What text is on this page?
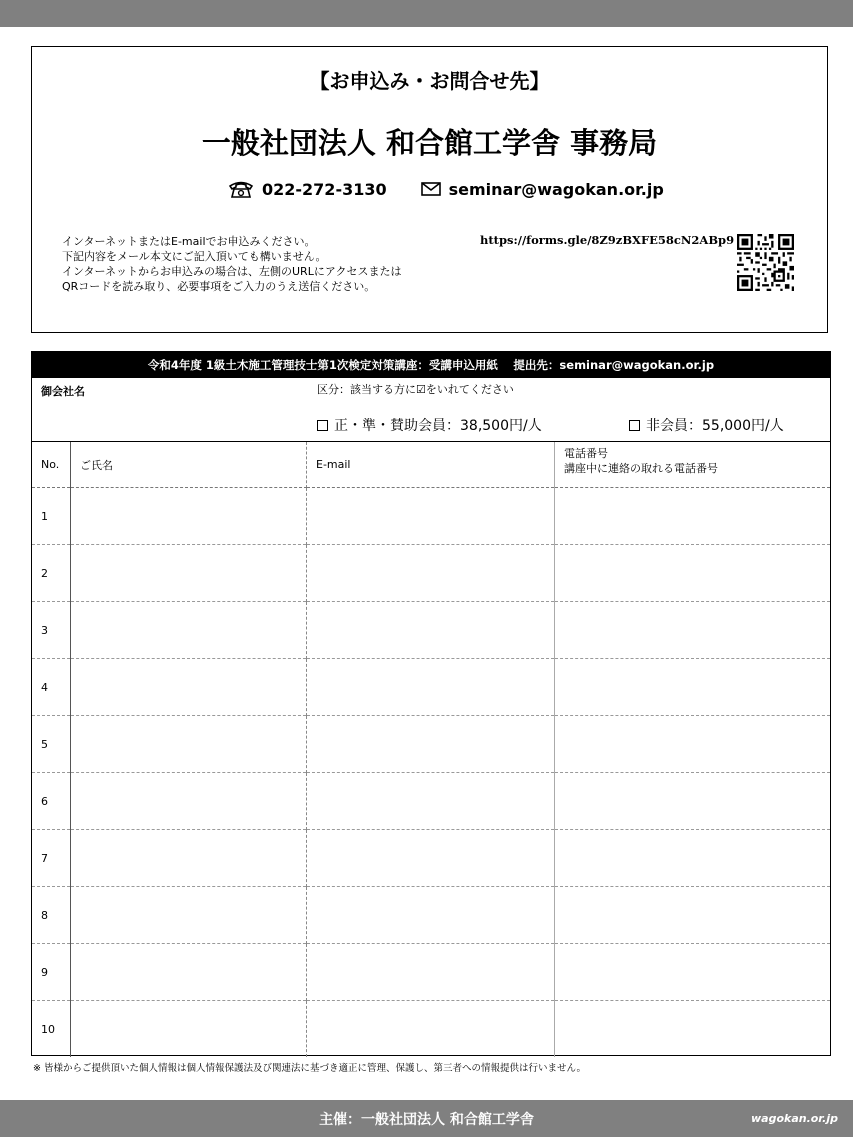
【お申込み・お問合せ先】
一般社団法人 和合館工学舎 事務局
022-272-3130	seminar@wagokan.or.jp
インターネットまたはE-mailでお申込みください。
下記内容をメール本文にご記入頂いても構いません。
インターネットからお申込みの場合は、左側のURLにアクセスまたは
QRコードを読み取り、必要事項をご入力のうえ送信ください。
https://forms.gle/8Z9zBXFE58cN2ABp9
令和4年度 1級土木施工管理技士第1次検定対策講座：受講申込用紙　 提出先：seminar@wagokan.or.jp
御会社名	区分：該当する方に☑をいれてください
正・準・賛助会員：38,500円/人	非会員：55,000円/人
No.	ご氏名	E-mail	電話番号
講座中に連絡の取れる電話番号

1			
2			
3			
4			
5			
6			
7			
8			
9			
10			
※ 皆様からご提供頂いた個人情報は個人情報保護法及び関連法に基づき適正に管理、保護し、第三者への情報提供は行いません。
主催：一般社団法人 和合館工学舎	wagokan.or.jp
